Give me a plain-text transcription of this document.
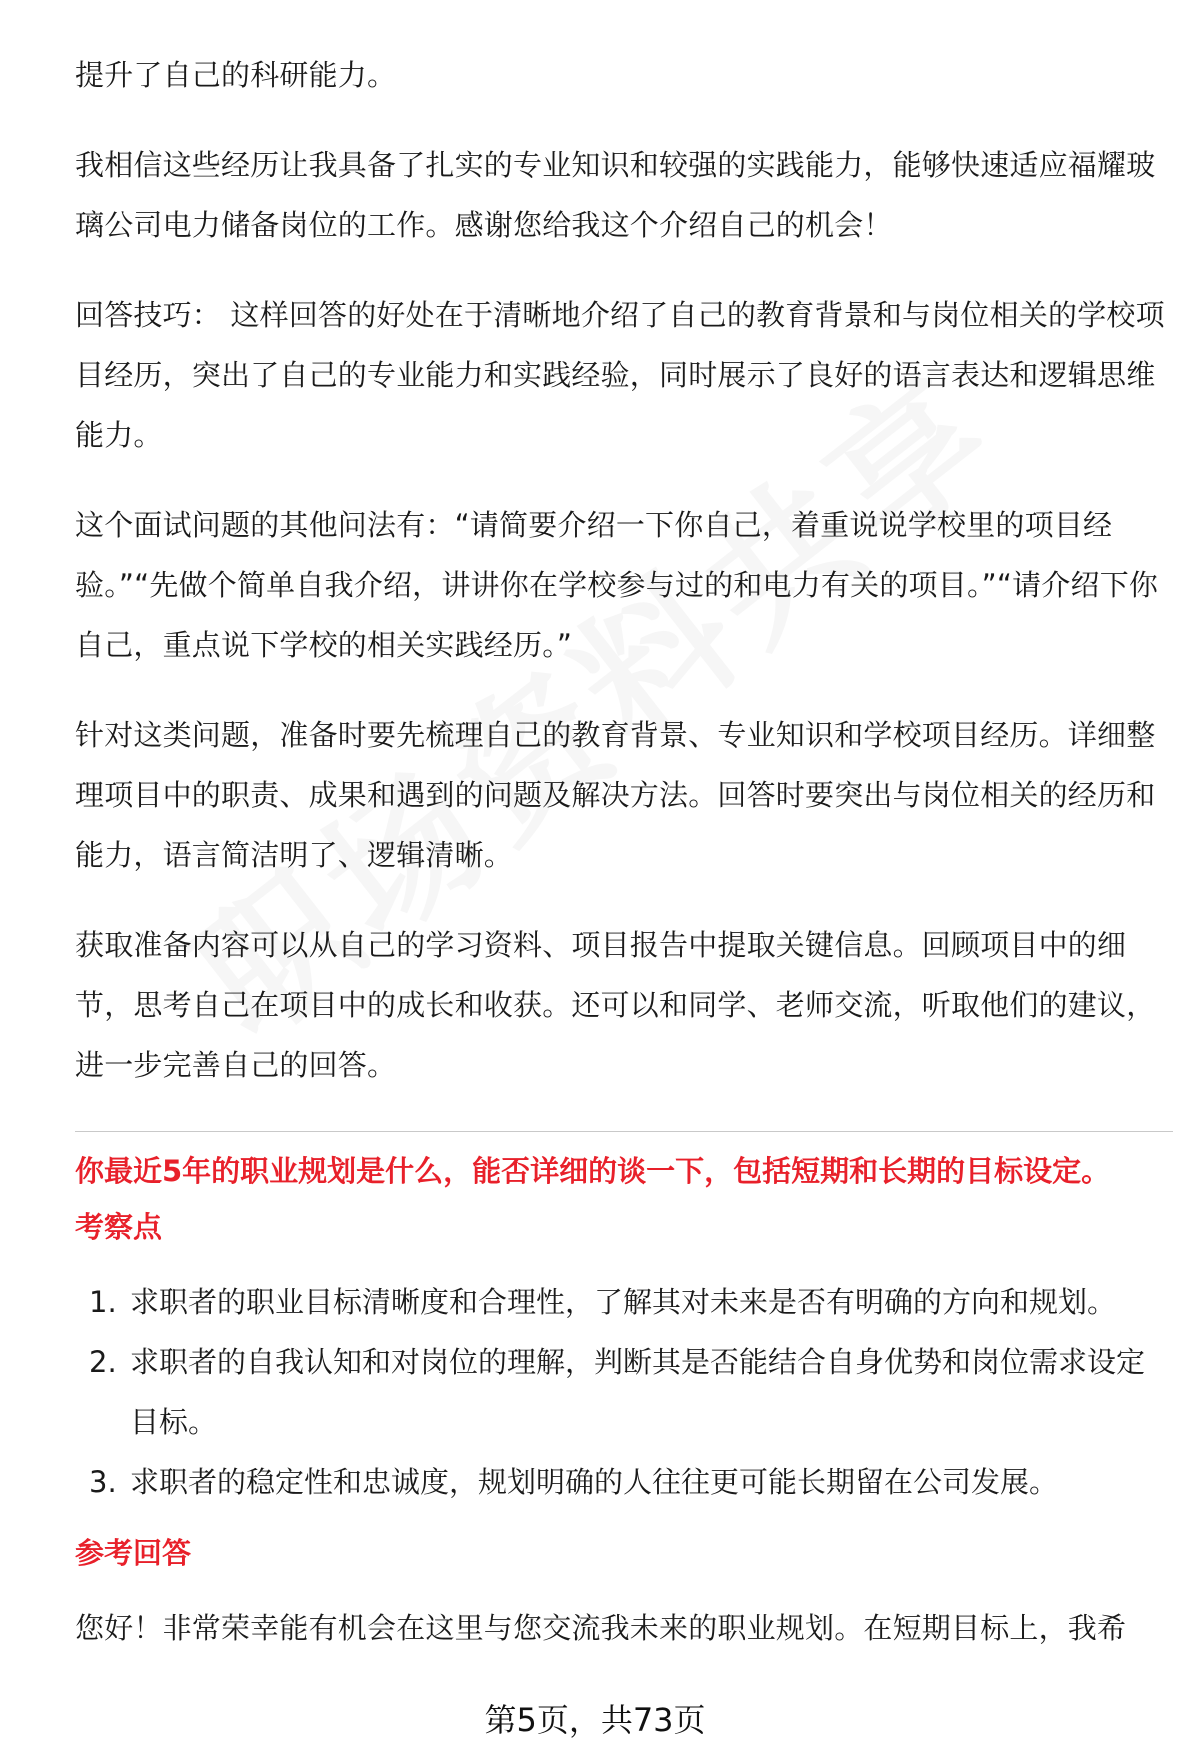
提升了自己的科研能力。

我相信这些经历让我具备了扎实的专业知识和较强的实践能力，能够快速适应福耀玻璃公司电力储备岗位的工作。感谢您给我这个介绍自己的机会！

回答技巧： 这样回答的好处在于清晰地介绍了自己的教育背景和与岗位相关的学校项目经历，突出了自己的专业能力和实践经验，同时展示了良好的语言表达和逻辑思维能力。

这个面试问题的其他问法有：“请简要介绍一下你自己，着重说说学校里的项目经验。”“先做个简单自我介绍，讲讲你在学校参与过的和电力有关的项目。”“请介绍下你自己，重点说下学校的相关实践经历。”

针对这类问题，准备时要先梳理自己的教育背景、专业知识和学校项目经历。详细整理项目中的职责、成果和遇到的问题及解决方法。回答时要突出与岗位相关的经历和能力，语言简洁明了、逻辑清晰。

获取准备内容可以从自己的学习资料、项目报告中提取关键信息。回顾项目中的细节，思考自己在项目中的成长和收获。还可以和同学、老师交流，听取他们的建议，进一步完善自己的回答。

你最近5年的职业规划是什么，能否详细的谈一下，包括短期和长期的目标设定。
考察点
1. 求职者的职业目标清晰度和合理性，了解其对未来是否有明确的方向和规划。
2. 求职者的自我认知和对岗位的理解，判断其是否能结合自身优势和岗位需求设定目标。
3. 求职者的稳定性和忠诚度，规划明确的人往往更可能长期留在公司发展。
参考回答

您好！非常荣幸能有机会在这里与您交流我未来的职业规划。在短期目标上，我希

第5页，共73页
